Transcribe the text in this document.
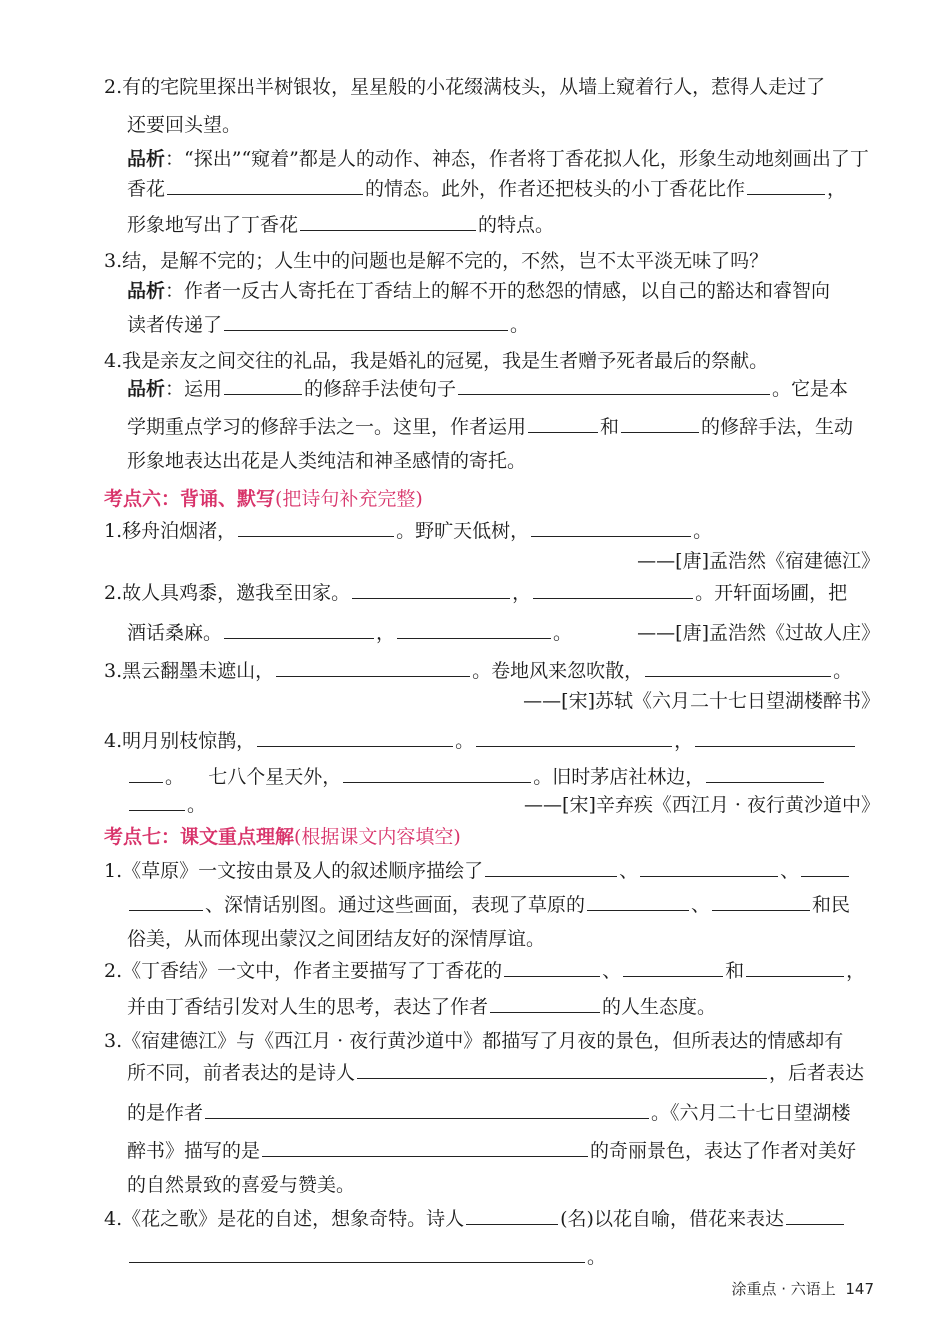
2.有的宅院里探出半树银妆，星星般的小花缀满枝头，从墙上窥着行人，惹得人走过了
还要回头望。
品析：“探出”“窥着”都是人的动作、神态，作者将丁香花拟人化，形象生动地刻画出了丁
香花	的情态。此外，作者还把枝头的小丁香花比作	，
形象地写出了丁香花	的特点。
3.结，是解不完的；人生中的问题也是解不完的，不然，岂不太平淡无味了吗？
品析：作者一反古人寄托在丁香结上的解不开的愁怨的情感，以自己的豁达和睿智向
读者传递了	。
4.我是亲友之间交往的礼品，我是婚礼的冠冕，我是生者赠予死者最后的祭献。
品析：运用	的修辞手法使句子	。它是本
学期重点学习的修辞手法之一。这里，作者运用	和	的修辞手法，生动
形象地表达出花是人类纯洁和神圣感情的寄托。
考点六：背诵、默写(把诗句补充完整)
1.移舟泊烟渚，	。野旷天低树，	。
——[唐]孟浩然《宿建德江》
2.故人具鸡黍，邀我至田家。	，	。开轩面场圃，把
酒话桑麻。	，	。	——[唐]孟浩然《过故人庄》
3.黑云翻墨未遮山，	。卷地风来忽吹散，	。
——[宋]苏轼《六月二十七日望湖楼醉书》
4.明月别枝惊鹊，	。	，
。 七八个星天外，	。旧时茅店社林边，
。	——[宋]辛弃疾《西江月 · 夜行黄沙道中》
考点七：课文重点理解(根据课文内容填空)
1.《草原》一文按由景及人的叙述顺序描绘了	、	、
、深情话别图。通过这些画面，表现了草原的	、	和民
俗美，从而体现出蒙汉之间团结友好的深情厚谊。
2.《丁香结》一文中，作者主要描写了丁香花的	、	和	，
并由丁香结引发对人生的思考，表达了作者	的人生态度。
3.《宿建德江》与《西江月 · 夜行黄沙道中》都描写了月夜的景色，但所表达的情感却有
所不同，前者表达的是诗人	，后者表达
的是作者	。《六月二十七日望湖楼
醉书》描写的是	的奇丽景色，表达了作者对美好
的自然景致的喜爱与赞美。
4.《花之歌》是花的自述，想象奇特。诗人	(名)以花自喻，借花来表达
。
涂重点 · 六语上 147
